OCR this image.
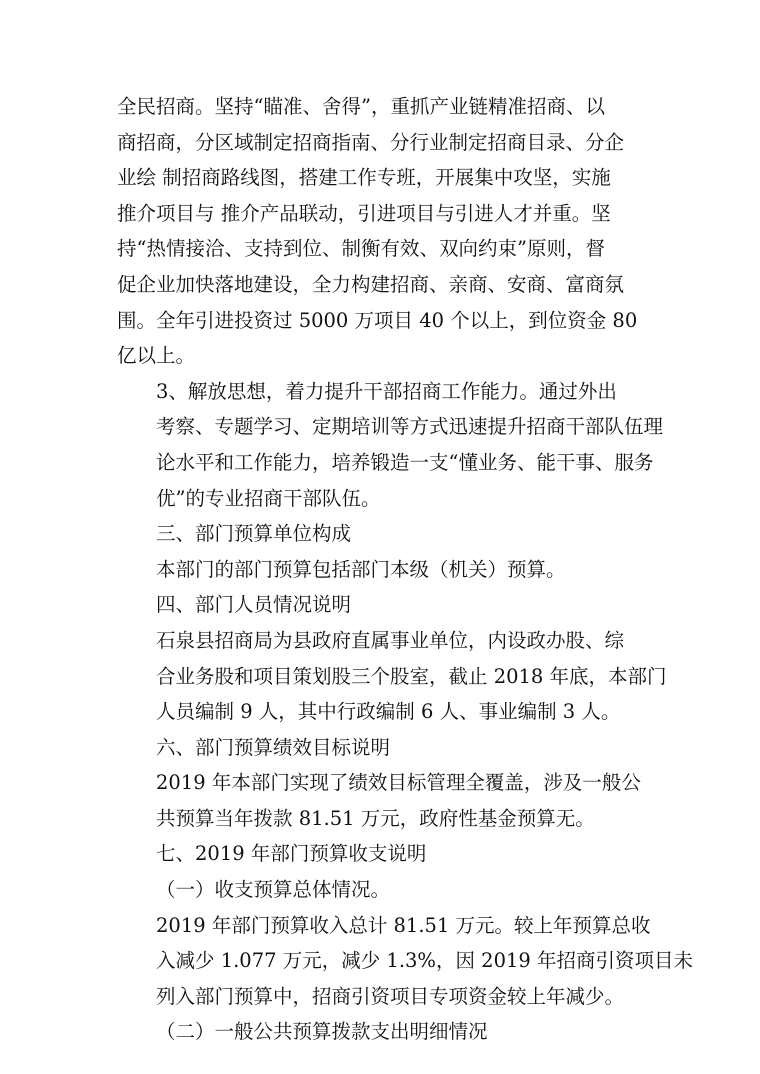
全民招商。坚持“瞄准、舍得”，重抓产业链精准招商、以
商招商，分区域制定招商指南、分行业制定招商目录、分企
业绘 制招商路线图，搭建工作专班，开展集中攻坚，实施
推介项目与 推介产品联动，引进项目与引进人才并重。坚
持“热情接洽、支持到位、制衡有效、双向约束”原则，督
促企业加快落地建设，全力构建招商、亲商、安商、富商氛
围。全年引进投资过 5000 万项目 40 个以上，到位资金 80
亿以上。
3、解放思想，着力提升干部招商工作能力。通过外出
考察、专题学习、定期培训等方式迅速提升招商干部队伍理
论水平和工作能力，培养锻造一支“懂业务、能干事、服务
优”的专业招商干部队伍。
三、部门预算单位构成
本部门的部门预算包括部门本级（机关）预算。
四、部门人员情况说明
石泉县招商局为县政府直属事业单位，内设政办股、综
合业务股和项目策划股三个股室，截止 2018 年底，本部门
人员编制 9 人，其中行政编制 6 人、事业编制 3 人。
六、部门预算绩效目标说明
2019 年本部门实现了绩效目标管理全覆盖，涉及一般公
共预算当年拨款 81.51 万元，政府性基金预算无。
七、2019 年部门预算收支说明
（一）收支预算总体情况。
2019 年部门预算收入总计 81.51 万元。较上年预算总收
入减少 1.077 万元，减少 1.3%，因 2019 年招商引资项目未
列入部门预算中，招商引资项目专项资金较上年减少。
（二）一般公共预算拨款支出明细情况
